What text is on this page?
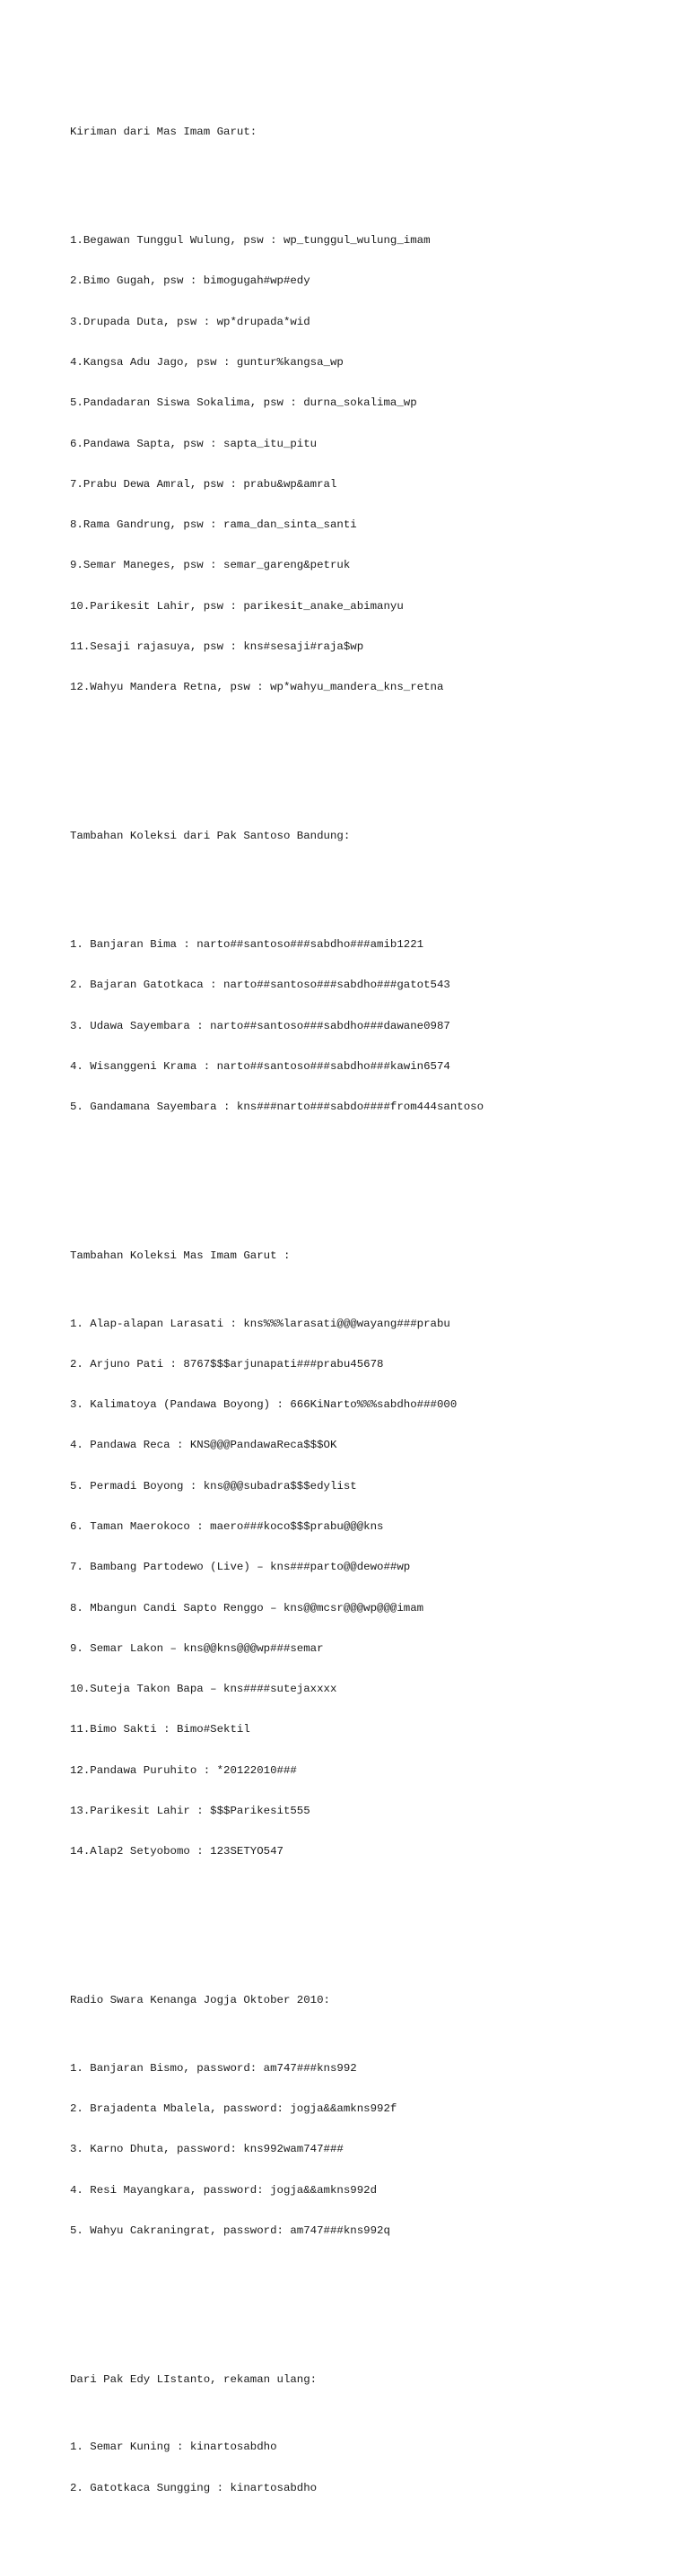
Kiriman dari Mas Imam Garut:

1.Begawan Tunggul Wulung, psw : wp_tunggul_wulung_imam

2.Bimo Gugah, psw : bimogugah#wp#edy

3.Drupada Duta, psw : wp*drupada*wid

4.Kangsa Adu Jago, psw : guntur%kangsa_wp

5.Pandadaran Siswa Sokalima, psw : durna_sokalima_wp

6.Pandawa Sapta, psw : sapta_itu_pitu

7.Prabu Dewa Amral, psw : prabu&wp&amral

8.Rama Gandrung, psw : rama_dan_sinta_santi

9.Semar Maneges, psw : semar_gareng&petruk

10.Parikesit Lahir, psw : parikesit_anake_abimanyu

11.Sesaji rajasuya, psw : kns#sesaji#raja$wp

12.Wahyu Mandera Retna, psw : wp*wahyu_mandera_kns_retna

Tambahan Koleksi dari Pak Santoso Bandung:

1. Banjaran Bima : narto##santoso###sabdho###amib1221

2. Bajaran Gatotkaca : narto##santoso###sabdho###gatot543

3. Udawa Sayembara : narto##santoso###sabdho###dawane0987

4. Wisanggeni Krama : narto##santoso###sabdho###kawin6574

5. Gandamana Sayembara : kns###narto###sabdo####from444santoso

Tambahan Koleksi Mas Imam Garut :

1. Alap-alapan Larasati : kns%%%larasati@@@wayang###prabu

2. Arjuno Pati : 8767$$$arjunapati###prabu45678

3. Kalimatoya (Pandawa Boyong) : 666KiNarto%%%sabdho###000

4. Pandawa Reca : KNS@@@PandawaReca$$$OK

5. Permadi Boyong : kns@@@subadra$$$edylist

6. Taman Maerokoco : maero###koco$$$prabu@@@kns

7. Bambang Partodewo (Live) – kns###parto@@dewo##wp

8. Mbangun Candi Sapto Renggo – kns@@mcsr@@@wp@@@imam

9. Semar Lakon – kns@@kns@@@wp###semar

10.Suteja Takon Bapa – kns####sutejaxxxx

11.Bimo Sakti : Bimo#Sektil

12.Pandawa Puruhito : *20122010###

13.Parikesit Lahir : $$$Parikesit555

14.Alap2 Setyobomo : 123SETYO547

Radio Swara Kenanga Jogja Oktober 2010:

1. Banjaran Bismo, password: am747###kns992

2. Brajadenta Mbalela, password: jogja&&amkns992f

3. Karno Dhuta, password: kns992wam747###

4. Resi Mayangkara, password: jogja&&amkns992d

5. Wahyu Cakraningrat, password: am747###kns992q

Dari Pak Edy LIstanto, rekaman ulang:

1. Semar Kuning : kinartosabdho

2. Gatotkaca Sungging : kinartosabdho
